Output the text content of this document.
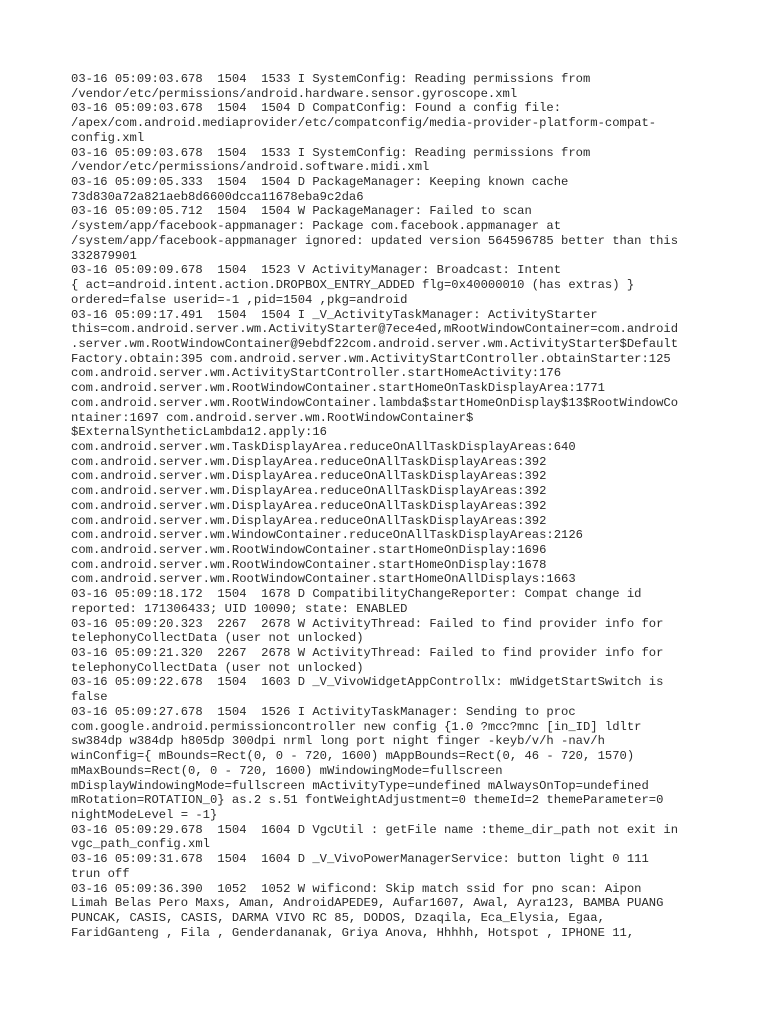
03-16 05:09:03.678  1504  1533 I SystemConfig: Reading permissions from
/vendor/etc/permissions/android.hardware.sensor.gyroscope.xml
03-16 05:09:03.678  1504  1504 D CompatConfig: Found a config file:
/apex/com.android.mediaprovider/etc/compatconfig/media-provider-platform-compat-
config.xml
03-16 05:09:03.678  1504  1533 I SystemConfig: Reading permissions from
/vendor/etc/permissions/android.software.midi.xml
03-16 05:09:05.333  1504  1504 D PackageManager: Keeping known cache
73d830a72a821aeb8d6600dcca11678eba9c2da6
03-16 05:09:05.712  1504  1504 W PackageManager: Failed to scan
/system/app/facebook-appmanager: Package com.facebook.appmanager at
/system/app/facebook-appmanager ignored: updated version 564596785 better than this
332879901
03-16 05:09:09.678  1504  1523 V ActivityManager: Broadcast: Intent
{ act=android.intent.action.DROPBOX_ENTRY_ADDED flg=0x40000010 (has extras) }
ordered=false userid=-1 ,pid=1504 ,pkg=android
03-16 05:09:17.491  1504  1504 I _V_ActivityTaskManager: ActivityStarter
this=com.android.server.wm.ActivityStarter@7ece4ed,mRootWindowContainer=com.android
.server.wm.RootWindowContainer@9ebdf22com.android.server.wm.ActivityStarter$Default
Factory.obtain:395 com.android.server.wm.ActivityStartController.obtainStarter:125
com.android.server.wm.ActivityStartController.startHomeActivity:176
com.android.server.wm.RootWindowContainer.startHomeOnTaskDisplayArea:1771
com.android.server.wm.RootWindowContainer.lambda$startHomeOnDisplay$13$RootWindowCo
ntainer:1697 com.android.server.wm.RootWindowContainer$
$ExternalSyntheticLambda12.apply:16
com.android.server.wm.TaskDisplayArea.reduceOnAllTaskDisplayAreas:640
com.android.server.wm.DisplayArea.reduceOnAllTaskDisplayAreas:392
com.android.server.wm.DisplayArea.reduceOnAllTaskDisplayAreas:392
com.android.server.wm.DisplayArea.reduceOnAllTaskDisplayAreas:392
com.android.server.wm.DisplayArea.reduceOnAllTaskDisplayAreas:392
com.android.server.wm.DisplayArea.reduceOnAllTaskDisplayAreas:392
com.android.server.wm.WindowContainer.reduceOnAllTaskDisplayAreas:2126
com.android.server.wm.RootWindowContainer.startHomeOnDisplay:1696
com.android.server.wm.RootWindowContainer.startHomeOnDisplay:1678
com.android.server.wm.RootWindowContainer.startHomeOnAllDisplays:1663
03-16 05:09:18.172  1504  1678 D CompatibilityChangeReporter: Compat change id
reported: 171306433; UID 10090; state: ENABLED
03-16 05:09:20.323  2267  2678 W ActivityThread: Failed to find provider info for
telephonyCollectData (user not unlocked)
03-16 05:09:21.320  2267  2678 W ActivityThread: Failed to find provider info for
telephonyCollectData (user not unlocked)
03-16 05:09:22.678  1504  1603 D _V_VivoWidgetAppControllx: mWidgetStartSwitch is
false
03-16 05:09:27.678  1504  1526 I ActivityTaskManager: Sending to proc
com.google.android.permissioncontroller new config {1.0 ?mcc?mnc [in_ID] ldltr
sw384dp w384dp h805dp 300dpi nrml long port night finger -keyb/v/h -nav/h
winConfig={ mBounds=Rect(0, 0 - 720, 1600) mAppBounds=Rect(0, 46 - 720, 1570)
mMaxBounds=Rect(0, 0 - 720, 1600) mWindowingMode=fullscreen
mDisplayWindowingMode=fullscreen mActivityType=undefined mAlwaysOnTop=undefined
mRotation=ROTATION_0} as.2 s.51 fontWeightAdjustment=0 themeId=2 themeParameter=0
nightModeLevel = -1}
03-16 05:09:29.678  1504  1604 D VgcUtil : getFile name :theme_dir_path not exit in
vgc_path_config.xml
03-16 05:09:31.678  1504  1604 D _V_VivoPowerManagerService: button light 0 111
trun off
03-16 05:09:36.390  1052  1052 W wificond: Skip match ssid for pno scan: Aipon
Limah Belas Pero Maxs, Aman, AndroidAPEDE9, Aufar1607, Awal, Ayra123, BAMBA PUANG
PUNCAK, CASIS, CASIS, DARMA VIVO RC 85, DODOS, Dzaqila, Eca_Elysia, Egaa,
FaridGanteng , Fila , Genderdananak, Griya Anova, Hhhhh, Hotspot , IPHONE 11,
